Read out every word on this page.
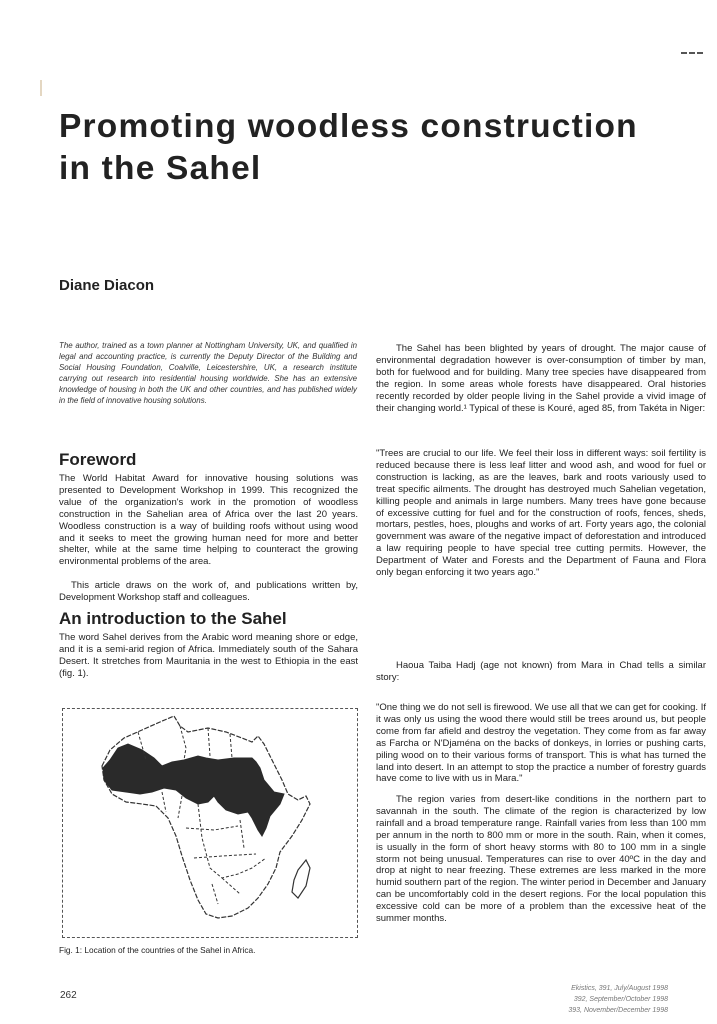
Promoting woodless construction
in the Sahel

Diane Diacon

The author, trained as a town planner at Nottingham University, UK, and qualified in legal and accounting practice, is currently the Deputy Director of the Building and Social Housing Foundation, Coalville, Leicestershire, UK, a research institute carrying out research into residential housing worldwide. She has an extensive knowledge of housing in both the UK and other countries, and has published widely in the field of innovative housing solutions.

Foreword

The World Habitat Award for innovative housing solutions was presented to Development Workshop in 1999. This recognized the value of the organization's work in the promotion of woodless construction in the Sahelian area of Africa over the last 20 years. Woodless construction is a way of building roofs without using wood and it seeks to meet the growing human need for more and better shelter, while at the same time helping to counteract the growing environmental problems of the area.

This article draws on the work of, and publications written by, Development Workshop staff and colleagues.

An introduction to the Sahel

The word Sahel derives from the Arabic word meaning shore or edge, and it is a semi-arid region of Africa. Immediately south of the Sahara Desert. It stretches from Mauritania in the west to Ethiopia in the east (fig. 1).

Fig. 1: Location of the countries of the Sahel in Africa.

The Sahel has been blighted by years of drought. The major cause of environmental degradation however is over-consumption of timber by man, both for fuelwood and for building. Many tree species have disappeared from the region. In some areas whole forests have disappeared. Oral histories recently recorded by older people living in the Sahel provide a vivid image of their changing world.¹ Typical of these is Kouré, aged 85, from Takéta in Niger:

"Trees are crucial to our life. We feel their loss in different ways: soil fertility is reduced because there is less leaf litter and wood ash, and wood for fuel or construction is lacking, as are the leaves, bark and roots variously used to treat specific ailments. The drought has destroyed much Sahelian vegetation, killing people and animals in large numbers. Many trees have gone because of excessive cutting for fuel and for the construction of roofs, fences, sheds, mortars, pestles, hoes, ploughs and works of art. Forty years ago, the colonial government was aware of the negative impact of deforestation and introduced a law requiring people to have special tree cutting permits. However, the Department of Water and Forests and the Department of Fauna and Flora only began enforcing it two years ago."

Haoua Taiba Hadj (age not known) from Mara in Chad tells a similar story:

"One thing we do not sell is firewood. We use all that we can get for cooking. If it was only us using the wood there would still be trees around us, but people come from far afield and destroy the vegetation. They come from as far away as Farcha or N'Djaména on the backs of donkeys, in lorries or pushing carts, piling wood on to their various forms of transport. This is what has turned the land into desert. In an attempt to stop the practice a number of forestry guards have come to live with us in Mara."

The region varies from desert-like conditions in the northern part to savannah in the south. The climate of the region is characterized by low rainfall and a broad temperature range. Rainfall varies from less than 100 mm per annum in the north to 800 mm or more in the south. Rain, when it comes, is usually in the form of short heavy storms with 80 to 100 mm in a single storm not being unusual. Temperatures can rise to over 40ºC in the day and drop at night to near freezing. These extremes are less marked in the more humid southern part of the region. The winter period in December and January can be uncomfortably cold in the desert regions. For the local population this excessive cold can be more of a problem than the excessive heat of the summer months.

262

Ekistics, 391, July/August 1998
392, September/October 1998
393, November/December 1998
